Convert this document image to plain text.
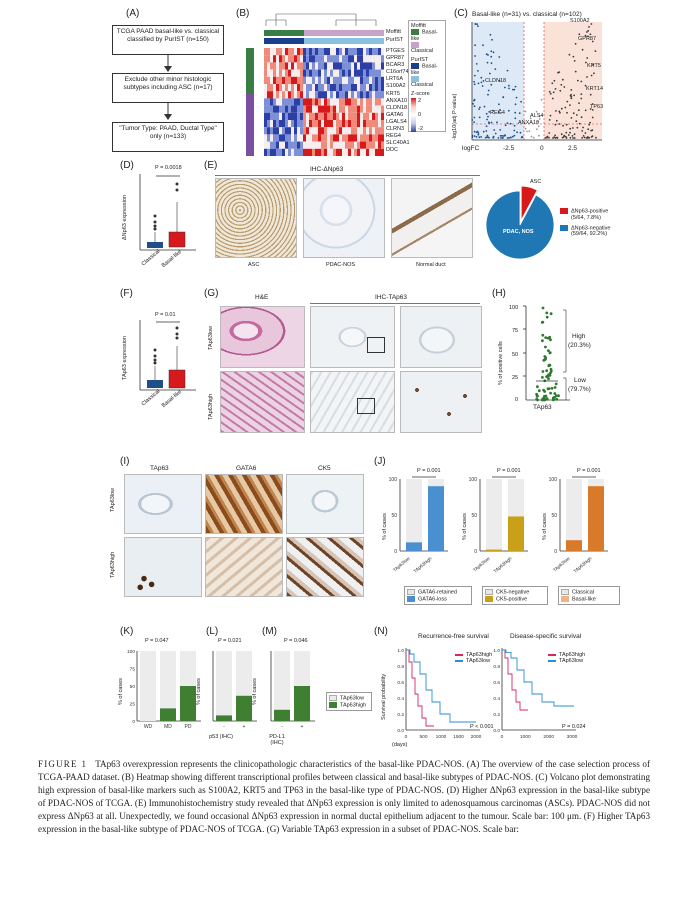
(A)
TCGA PAAD basal-like vs. classical classified by PurIST (n=150)
Exclude other minor histologic subtypes including ASC (n=17)
"Tumor Type: PAAD, Ductal Type" only (n=133)
(B)
Basal-like
Classical
Moffitt
PurIST
PTGES
GPR87
BCAR3
C16orf74
LRT6A
S100A2
KRT5
ANXA10
CLDN18
GATA6
LGALS4
CLRN3
REG4
SLC40A1
DDC
Moffitt
Basal-like
Classical
PurIST
Basal-like
Classical
Z-score
2
0
-2
(C) Basal-like (n=31) vs. classical (n=102)
-log10(adj P-value)
logFC	-2.5	0	2.5
S100A2
GPR87
KRT5
KRT14
CLDN18
TP63
ALS4
REG4
ANXA10
(D)	P = 0.0018
ΔNp63 expression
Classical Basal-like
(E)	IHC-ΔNp63
ASC	PDAC-NOS	Normal duct
ASC
PDAC, NOS
ΔNp63-positive
(5/64, 7.8%)
ΔNp63-negative
(59/64, 92.2%)
(F)
P = 0.01
TAp63 expression
Classical Basal-like
(G)	H&E	IHC-TAp63
TAp63low
TAp63high
(H)
100
75
50
25
0
% of positive cells
TAp63
High
(20.3%)
Low
(79.7%)
(I)
TAp63	GATA6	CK5
TAp63low
TAp63high
(J)
100
50
0
TAp63low TAp63high
100
50
0
TAp63low TAp63high
100
50
0
TAp63low TAp63high
P = 0.001	P = 0.001	P = 0.001
% of cases	% of cases	% of cases
GATA6-retained
GATA6-loss
CK5-negative
CK5-positive
Classical
Basal-like
(K)	(L)	(M)
P = 0.047	P = 0.021	P = 0.046
WD MD	PD
100
75
50
25
0
-	+	-	+
% of cases	% of cases	% of cases
p53 (IHC)	PD-L1 (IHC)
TAp63low
TAp63high
(N)	Recurrence-free survival	Disease-specific survival
1.0
0.8
0.6
0.4
0.2
0.0
0	500 1000 1500 2000
1.0
0.8
0.6
0.4
0.2
0.0
0	1000	2000	3000
Survival probability
(days)
P < 0.001	P = 0.024
TAp63high
TAp63low
TAp63high
TAp63low
FIGURE 1 TAp63 overexpression represents the clinicopathologic characteristics of the basal-like PDAC-NOS. (A) The overview of the case selection process of TCGA-PAAD dataset. (B) Heatmap showing different transcriptional profiles between classical and basal-like subtypes of PDAC-NOS. (C) Volcano plot demonstrating high expression of basal-like markers such as S100A2, KRT5 and TP63 in the basal-like type of PDAC-NOS. (D) Higher ΔNp63 expression in the basal-like subtype of PDAC-NOS of TCGA. (E) Immunohistochemistry study revealed that ΔNp63 expression is only limited to adenosquamous carcinomas (ASCs). PDAC-NOS did not express ΔNp63 at all. Unexpectedly, we found occasional ΔNp63 expression in normal ductal epithelium adjacent to the tumour. Scale bar: 100 μm. (F) Higher TAp63 expression in the basal-like subtype of PDAC-NOS of TCGA. (G) Variable TAp63 expression in a subset of PDAC-NOS. Scale bar:
